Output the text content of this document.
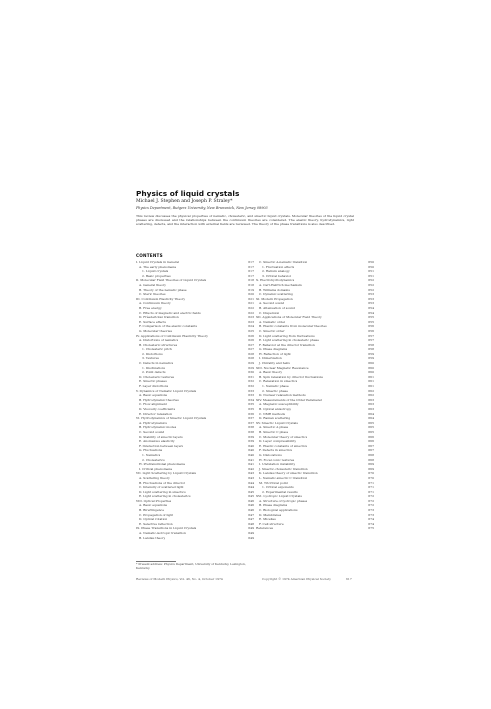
Physics of liquid crystals
Michael J. Stephen and Joseph P. Straley*
Physics Department, Rutgers University, New Brunswick, New Jersey 08903
This review discusses the physical properties of nematic, cholesteric, and smectic liquid crystals. Molecular theories of the liquid crystal phases are discussed and the relationships between the continuum theories are considered. The elastic theory, hydrodynamics, light scattering, defects, and the interaction with external fields are reviewed. The theory of the phase transitions is also described.
CONTENTS
I. Liquid Crystals in General	617
A. The early phenomena	617
1. Liquid crystals	617
2. Basic properties	617
II. Molecular Field Theories of Liquid Crystals	618
A. General theory	618
B. Theory of the nematic phase	619
C. Steric theories	620
III. Continuum Elasticity Theory	621
A. Continuum theory	621
B. Free energy	622
C. Effects of magnetic and electric fields	622
D. Fréedericksz transition	623
E. Surface effects	623
F. Comparison of the elastic constants	624
G. Molecular theories	625
IV. Applications of Continuum Elasticity Theory	626
A. Distortions of nematics	626
B. Cholesteric structures	627
1. Cholesteric pitch	627
2. Distortions	628
3. Textures	628
C. Defects in nematics	629
1. Disclinations	629
2. Point defects	630
D. Cholesteric textures	631
E. Smectic phases	632
F. Layer distortions	632
V. Dynamics of Nematic Liquid Crystals	633
A. Basic equations	633
B. Hydrodynamic theories	634
C. Flow alignment	635
D. Viscosity coefficients	635
E. Director relaxation	636
VI. Hydrodynamics of Smectic Liquid Crystals	637
A. Hydrodynamics	637
B. Hydrodynamic modes	638
C. Second sound	638
D. Stability of smectic layers	639
E. Anomalous elasticity	639
F. Interaction between layers	640
G. Fluctuations	640
1. Nematics	640
2. Cholesterics	641
H. Pretransitional phenomena	641
I. Critical phenomena	642
VII. Light Scattering by Liquid Crystals	643
A. Scattering theory	643
B. Fluctuations of the director	644
C. Intensity of scattered light	644
D. Light scattering in smectics	645
E. Light scattering in cholesterics	645
VIII. Optical Properties	646
A. Basic equations	646
B. Birefringence	646
C. Propagation of light	647
D. Optical rotation	647
E. Selective reflection	648
IX. Phase Transitions in Liquid Crystals	649
A. Nematic-isotropic transition	649
B. Landau theory	649
C. Smectic A-nematic transition	650
1. Fluctuation effects	650
2. Helium analogy	651
3. Critical behavior	651
X. Electrohydrodynamics	652
A. Carr-Helfrich mechanism	652
B. Williams domains	652
C. Dynamic scattering	653
XI. Modern Propagation	653
A. Second sound	653
B. Attenuation of sound	654
C. Dispersion	654
XII. Applications of Molecular Field Theory	655
A. Nematic order	655
B. Elastic constants from molecular theories	656
C. Smectic order	656
D. Light scattering from fluctuations	657
E. Light scattering in cholesteric phase	657
F. Behavior at the director transition	658
G. Phase diagrams	658
H. Reflection of light	659
I. Dimerization	659
J. Chirality and helix	660
XIII. Nuclear Magnetic Resonance	660
A. Basic theory	660
B. Spin relaxation by director fluctuations	661
C. Relaxation in smectics	661
1. Nematic phase	661
2. Smectic phase	662
D. Nuclear relaxation methods	662
XIV. Measurements of the Order Parameter	663
A. Magnetic susceptibility	663
B. Optical anisotropy	663
C. NMR methods	664
D. Raman scattering	664
XV. Smectic Liquid Crystals	665
A. Smectic A phase	665
B. Smectic C phase	665
C. Molecular theory of smectics	666
D. Layer compressibility	666
E. Elastic constants of smectics	667
F. Defects in smectics	667
G. Dislocations	668
H. Focal conic textures	668
I. Undulation instability	669
J. Smectic-cholesteric transition	669
K. Landau theory of smectic transition	670
L. Nematic-smectic C transition	670
M. Tricritical point	671
1. Critical exponents	671
2. Experimental results	671
XVI. Lyotropic Liquid Crystals	672
A. Structure of lyotropic phases	672
B. Phase diagrams	672
C. Biological applications	673
D. Membranes	673
E. Micelles	674
F. Cell structure	674
References	675
* Present address: Physics Department, University of Kentucky, Lexington, Kentucky.
Reviews of Modern Physics, Vol. 46, No. 4, October 1974	Copyright © 1974 American Physical Society	617
